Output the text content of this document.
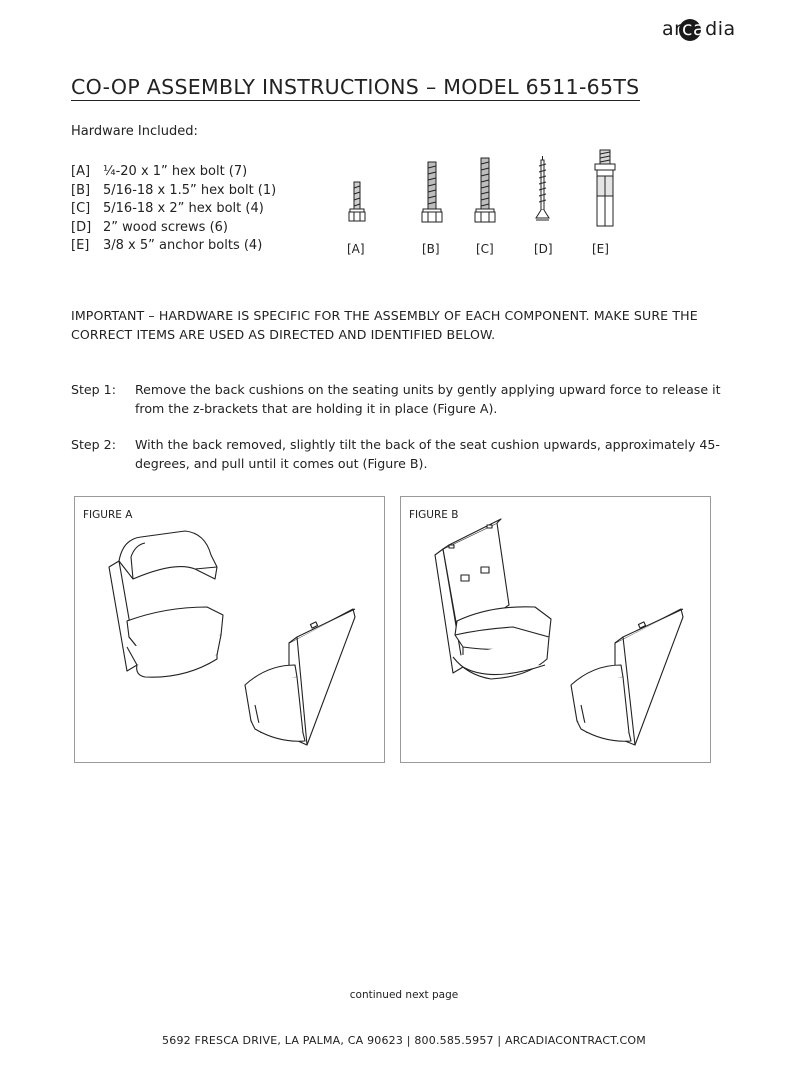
arcadia
CO-OP ASSEMBLY INSTRUCTIONS – MODEL 6511-65TS
Hardware Included:
[A] ¼-20 x 1” hex bolt (7)
[B] 5/16-18 x 1.5” hex bolt (1)
[C] 5/16-18 x 2” hex bolt (4)
[D] 2” wood screws (6)
[E] 3/8 x 5” anchor bolts (4)	[A]	[B]	[C]	[D]	[E]
IMPORTANT – HARDWARE IS SPECIFIC FOR THE ASSEMBLY OF EACH COMPONENT. MAKE SURE THE CORRECT ITEMS ARE USED AS DIRECTED AND IDENTIFIED BELOW.
Step 1: Remove the back cushions on the seating units by gently applying upward force to release it from the z-brackets that are holding it in place (Figure A).
Step 2: With the back removed, slightly tilt the back of the seat cushion upwards, approximately 45-degrees, and pull until it comes out (Figure B).
FIGURE A	FIGURE B
continued next page
5692 FRESCA DRIVE, LA PALMA, CA 90623 | 800.585.5957 | ARCADIACONTRACT.COM
